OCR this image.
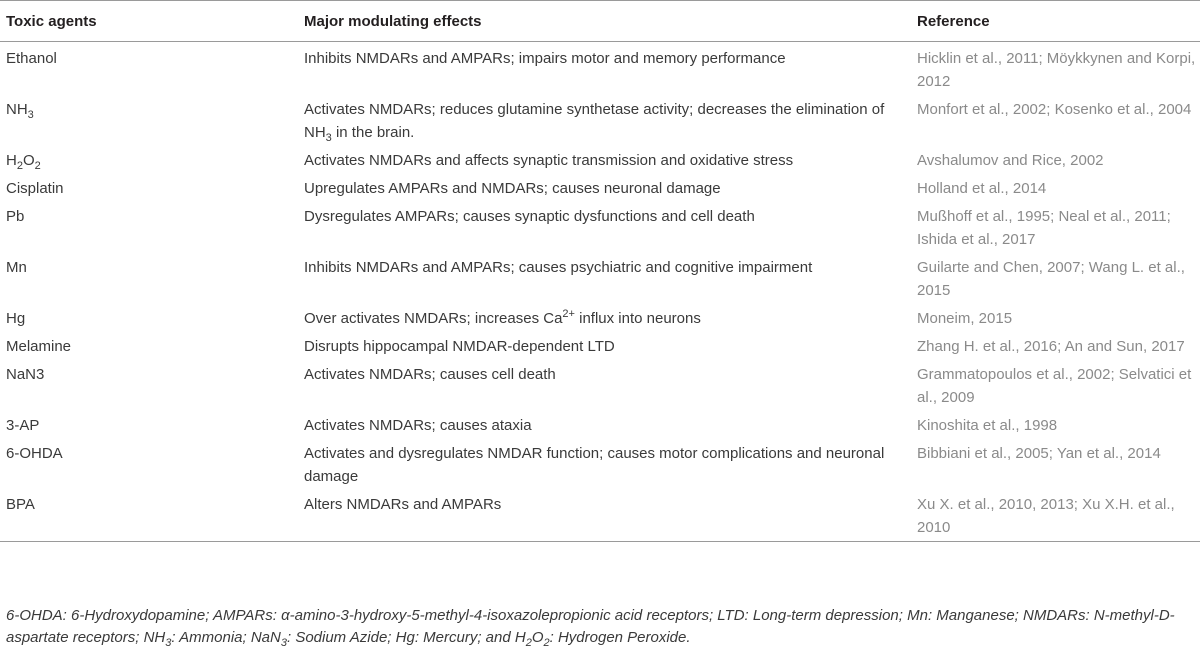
Toxic agents	Major modulating effects	Reference
Ethanol	Inhibits NMDARs and AMPARs; impairs motor and memory performance	Hicklin et al., 2011; Möykkynen and Korpi, 2012
$NH_3$	Activates NMDARs; reduces glutamine synthetase activity; decreases the elimination of $NH_3$ in the brain.	Monfort et al., 2002; Kosenko et al., 2004
$H_2O_2$	Activates NMDARs and affects synaptic transmission and oxidative stress	Avshalumov and Rice, 2002
Cisplatin	Upregulates AMPARs and NMDARs; causes neuronal damage	Holland et al., 2014
Pb	Dysregulates AMPARs; causes synaptic dysfunctions and cell death	Mußhoff et al., 1995; Neal et al., 2011; Ishida et al., 2017
Mn	Inhibits NMDARs and AMPARs; causes psychiatric and cognitive impairment	Guilarte and Chen, 2007; Wang L. et al., 2015
Hg	Over activates NMDARs; increases $Ca^{2+}$ influx into neurons	Moneim, 2015
Melamine	Disrupts hippocampal NMDAR-dependent LTD	Zhang H. et al., 2016; An and Sun, 2017
NaN3	Activates NMDARs; causes cell death	Grammatopoulos et al., 2002; Selvatici et al., 2009
3-AP	Activates NMDARs; causes ataxia	Kinoshita et al., 1998
6-OHDA	Activates and dysregulates NMDAR function; causes motor complications and neuronal damage	Bibbiani et al., 2005; Yan et al., 2014
BPA	Alters NMDARs and AMPARs	Xu X. et al., 2010, 2013; Xu X.H. et al., 2010
6-OHDA: 6-Hydroxydopamine; AMPARs: α-amino-3-hydroxy-5-methyl-4-isoxazolepropionic acid receptors; LTD: Long-term depression; Mn: Manganese; NMDARs: N-methyl-D-aspartate receptors; $NH_3$: Ammonia; NaN$_3$: Sodium Azide; Hg: Mercury; and $H_2O_2$: Hydrogen Peroxide.
